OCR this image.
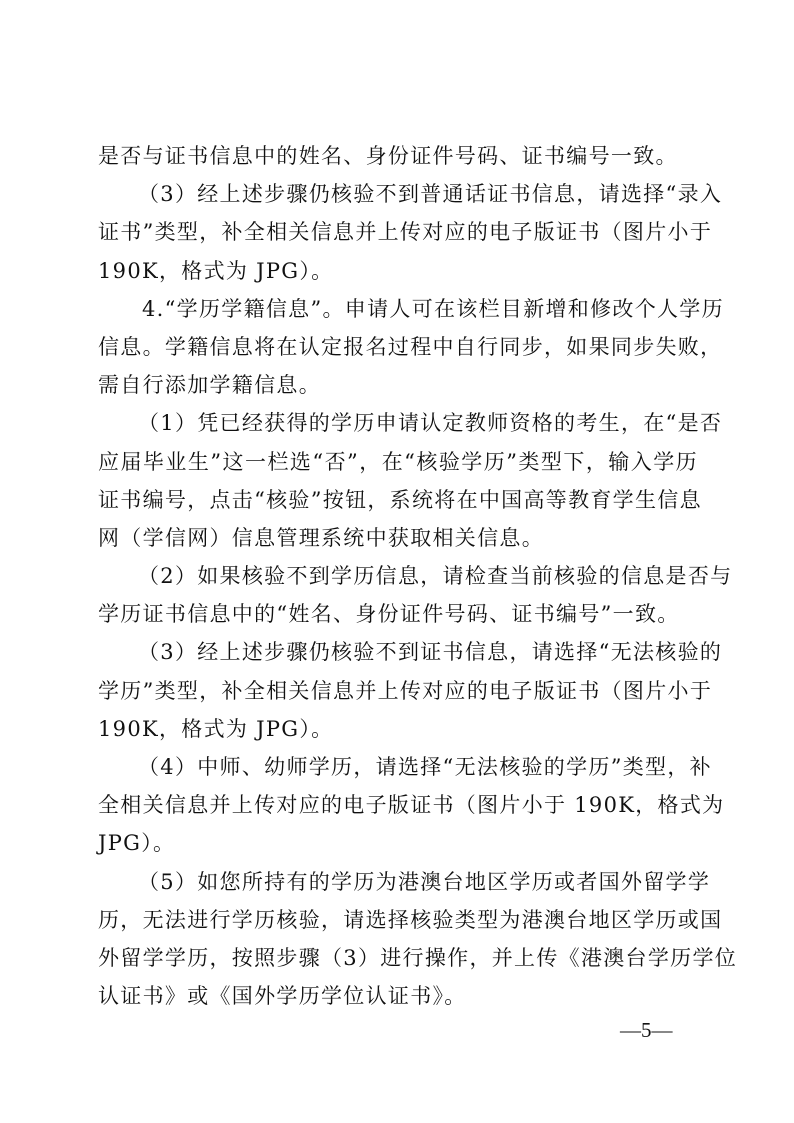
是否与证书信息中的姓名、身份证件号码、证书编号一致。
（3）经上述步骤仍核验不到普通话证书信息，请选择“录入
证书”类型，补全相关信息并上传对应的电子版证书（图片小于
190K，格式为 JPG）。
4.“学历学籍信息”。申请人可在该栏目新增和修改个人学历
信息。学籍信息将在认定报名过程中自行同步，如果同步失败，
需自行添加学籍信息。
（1）凭已经获得的学历申请认定教师资格的考生，在“是否
应届毕业生”这一栏选“否”，在“核验学历”类型下，输入学历
证书编号，点击“核验”按钮，系统将在中国高等教育学生信息
网（学信网）信息管理系统中获取相关信息。
（2）如果核验不到学历信息，请检查当前核验的信息是否与
学历证书信息中的“姓名、身份证件号码、证书编号”一致。
（3）经上述步骤仍核验不到证书信息，请选择“无法核验的
学历”类型，补全相关信息并上传对应的电子版证书（图片小于
190K，格式为 JPG）。
（4）中师、幼师学历，请选择“无法核验的学历”类型，补
全相关信息并上传对应的电子版证书（图片小于 190K，格式为
JPG）。
（5）如您所持有的学历为港澳台地区学历或者国外留学学
历，无法进行学历核验，请选择核验类型为港澳台地区学历或国
外留学学历，按照步骤（3）进行操作，并上传《港澳台学历学位
认证书》或《国外学历学位认证书》。
—5—
